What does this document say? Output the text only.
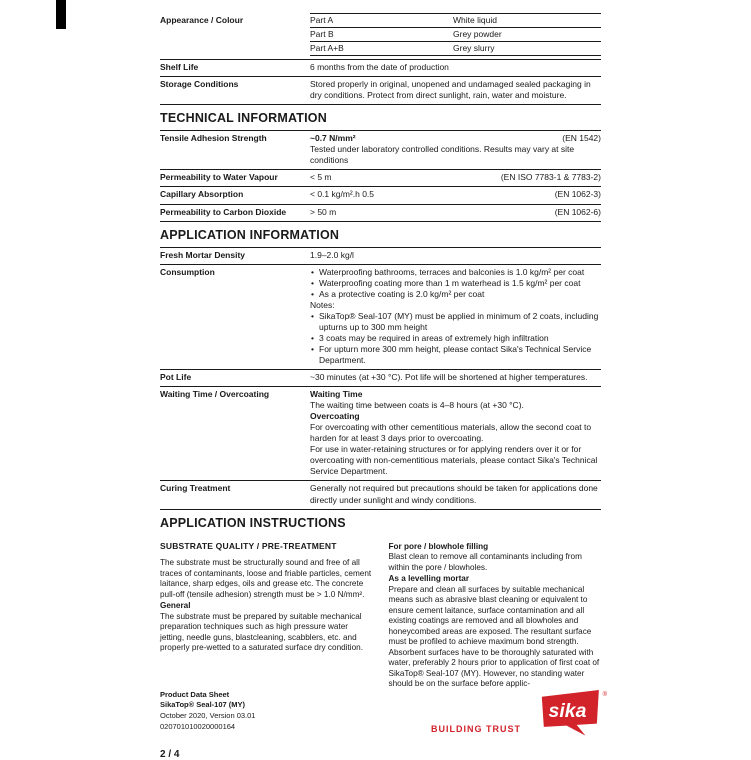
Appearance / Colour	Part A	White liquid
Part B	Grey powder
Part A+B	Grey slurry
Shelf Life	6 months from the date of production
Storage Conditions	Stored properly in original, unopened and undamaged sealed packaging in dry conditions. Protect from direct sunlight, rain, water and moisture.
TECHNICAL INFORMATION
Tensile Adhesion Strength	~0.7 N/mm²	(EN 1542)
Tested under laboratory controlled conditions. Results may vary at site conditions
Permeability to Water Vapour	< 5 m	(EN ISO 7783-1 & 7783-2)
Capillary Absorption	< 0.1 kg/m².h 0.5	(EN 1062-3)
Permeability to Carbon Dioxide	> 50 m	(EN 1062-6)
APPLICATION INFORMATION
Fresh Mortar Density	1.9–2.0 kg/l
Consumption	• Waterproofing bathrooms, terraces and balconies is 1.0 kg/m² per coat
• Waterproofing coating more than 1 m waterhead is 1.5 kg/m² per coat
• As a protective coating is 2.0 kg/m² per coat
Notes:
• SikaTop® Seal-107 (MY) must be applied in minimum of 2 coats, including upturns up to 300 mm height
• 3 coats may be required in areas of extremely high infiltration
• For upturn more 300 mm height, please contact Sika's Technical Service Department.
Pot Life	~30 minutes (at +30 °C). Pot life will be shortened at higher temperatures.
Waiting Time / Overcoating	Waiting Time
The waiting time between coats is 4–8 hours (at +30 °C).
Overcoating
For overcoating with other cementitious materials, allow the second coat to harden for at least 3 days prior to overcoating.
For use in water-retaining structures or for applying renders over it or for overcoating with non-cementitious materials, please contact Sika's Technical Service Department.
Curing Treatment	Generally not required but precautions should be taken for applications done directly under sunlight and windy conditions.
APPLICATION INSTRUCTIONS
SUBSTRATE QUALITY / PRE-TREATMENT

The substrate must be structurally sound and free of all traces of contaminants, loose and friable particles, cement laitance, sharp edges, oils and grease etc. The concrete pull-off (tensile adhesion) strength must be > 1.0 N/mm².

General

The substrate must be prepared by suitable mechanical preparation techniques such as high pressure water jetting, needle guns, blastcleaning, scabblers, etc. and properly pre-wetted to a saturated surface dry condition.

For pore / blowhole filling

Blast clean to remove all contaminants including from within the pore / blowholes.

As a levelling mortar

Prepare and clean all surfaces by suitable mechanical means such as abrasive blast cleaning or equivalent to ensure cement laitance, surface contamination and all existing coatings are removed and all blowholes and honeycombed areas are exposed. The resultant surface must be profiled to achieve maximum bond strength.

Absorbent surfaces have to be thoroughly saturated with water, preferably 2 hours prior to application of first coat of SikaTop® Seal-107 (MY). However, no standing water should be on the surface before applic-

Product Data Sheet
SikaTop® Seal-107 (MY)
October 2020, Version 03.01
020701010020000164	BUILDING TRUST
sika
®
2 / 4
